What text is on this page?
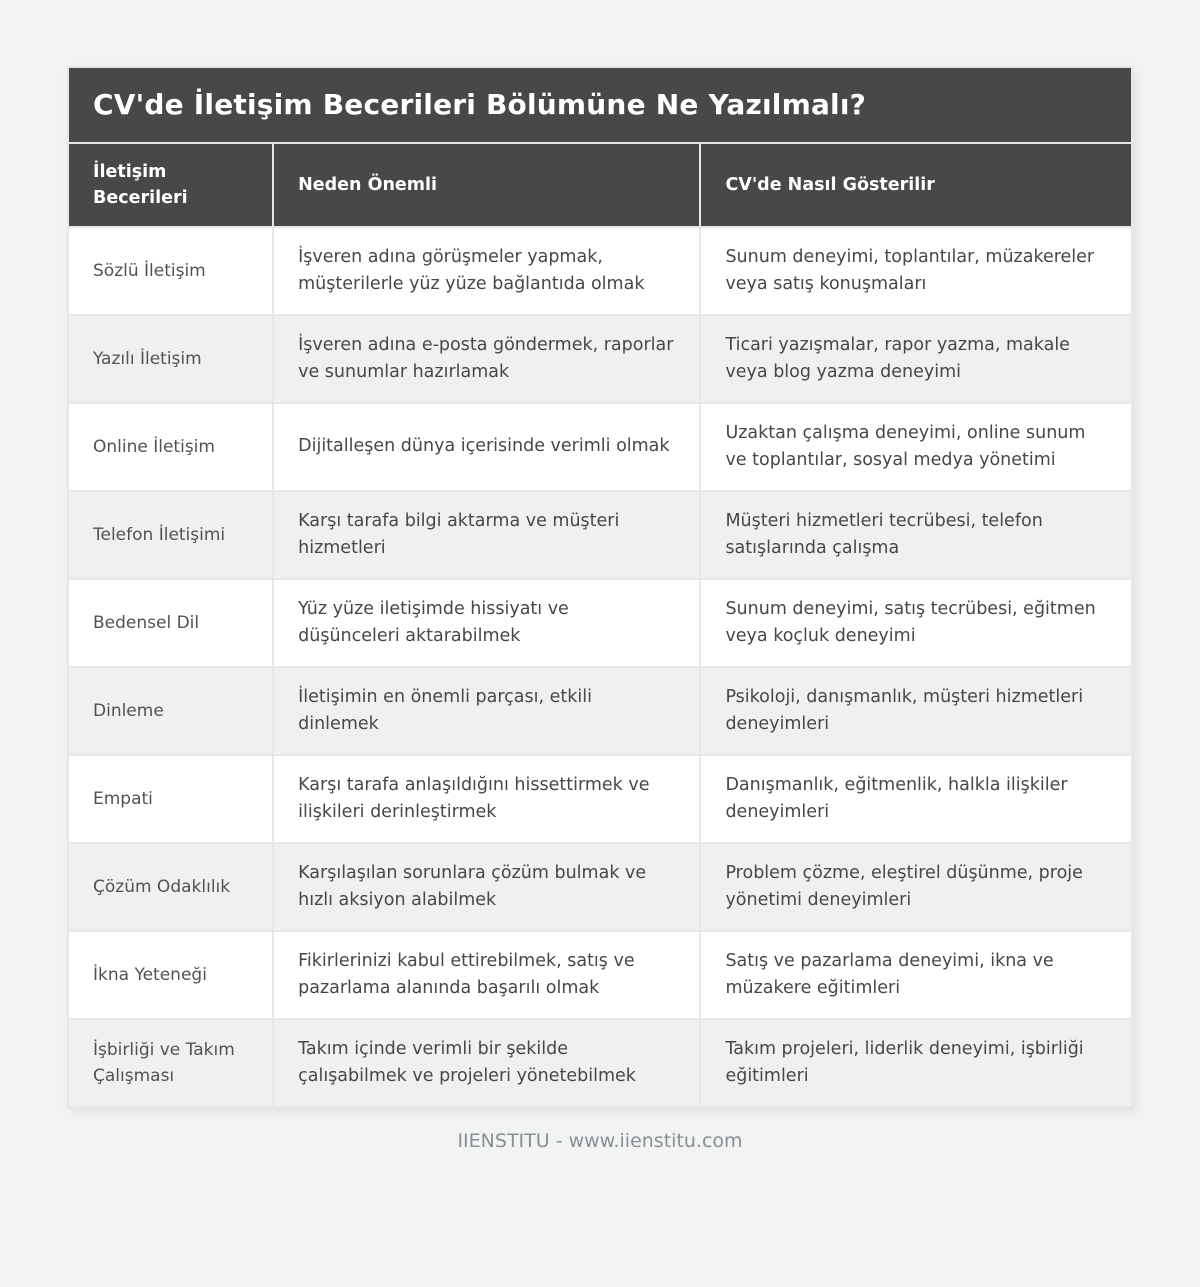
CV'de İletişim Becerileri Bölümüne Ne Yazılmalı?		
İletişim Becerileri	Neden Önemli	CV'de Nasıl Gösterilir
Sözlü İletişim	İşveren adına görüşmeler yapmak, müşterilerle yüz yüze bağlantıda olmak	Sunum deneyimi, toplantılar, müzakereler veya satış konuşmaları
Yazılı İletişim	İşveren adına e-posta göndermek, raporlar ve sunumlar hazırlamak	Ticari yazışmalar, rapor yazma, makale veya blog yazma deneyimi
Online İletişim	Dijitalleşen dünya içerisinde verimli olmak	Uzaktan çalışma deneyimi, online sunum ve toplantılar, sosyal medya yönetimi
Telefon İletişimi	Karşı tarafa bilgi aktarma ve müşteri hizmetleri	Müşteri hizmetleri tecrübesi, telefon satışlarında çalışma
Bedensel Dil	Yüz yüze iletişimde hissiyatı ve düşünceleri aktarabilmek	Sunum deneyimi, satış tecrübesi, eğitmen veya koçluk deneyimi
Dinleme	İletişimin en önemli parçası, etkili dinlemek	Psikoloji, danışmanlık, müşteri hizmetleri deneyimleri
Empati	Karşı tarafa anlaşıldığını hissettirmek ve ilişkileri derinleştirmek	Danışmanlık, eğitmenlik, halkla ilişkiler deneyimleri
Çözüm Odaklılık	Karşılaşılan sorunlara çözüm bulmak ve hızlı aksiyon alabilmek	Problem çözme, eleştirel düşünme, proje yönetimi deneyimleri
İkna Yeteneği	Fikirlerinizi kabul ettirebilmek, satış ve pazarlama alanında başarılı olmak	Satış ve pazarlama deneyimi, ikna ve müzakere eğitimleri
İşbirliği ve Takım Çalışması	Takım içinde verimli bir şekilde çalışabilmek ve projeleri yönetebilmek	Takım projeleri, liderlik deneyimi, işbirliği eğitimleri
IIENSTITU - www.iienstitu.com
